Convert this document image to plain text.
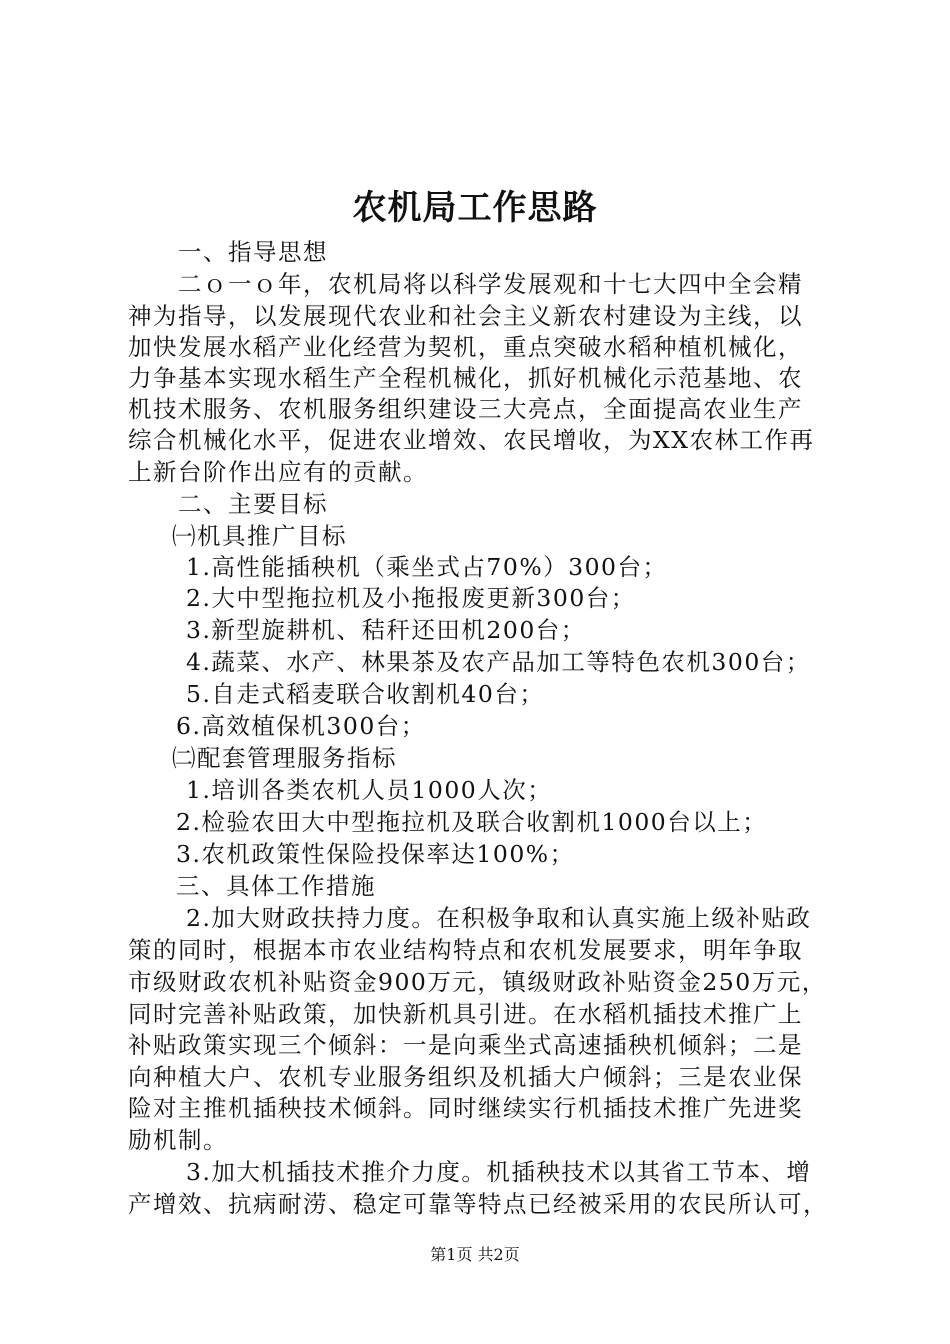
农机局工作思路
一、指导思想
二ｏ一ｏ年，农机局将以科学发展观和十七大四中全会精
神为指导，以发展现代农业和社会主义新农村建设为主线，以
加快发展水稻产业化经营为契机，重点突破水稻种植机械化，
力争基本实现水稻生产全程机械化，抓好机械化示范基地、农
机技术服务、农机服务组织建设三大亮点，全面提高农业生产
综合机械化水平，促进农业增效、农民增收，为XX农林工作再
上新台阶作出应有的贡献。
二、主要目标
㈠机具推广目标
1.高性能插秧机（乘坐式占70%）300台；
2.大中型拖拉机及小拖报废更新300台；
3.新型旋耕机、秸秆还田机200台；
4.蔬菜、水产、林果茶及农产品加工等特色农机300台；
5.自走式稻麦联合收割机40台；
6.高效植保机300台；
㈡配套管理服务指标
1.培训各类农机人员1000人次；
2.检验农田大中型拖拉机及联合收割机1000台以上；
3.农机政策性保险投保率达100%；
三、具体工作措施
2.加大财政扶持力度。在积极争取和认真实施上级补贴政
策的同时，根据本市农业结构特点和农机发展要求，明年争取
市级财政农机补贴资金900万元，镇级财政补贴资金250万元，
同时完善补贴政策，加快新机具引进。在水稻机插技术推广上
补贴政策实现三个倾斜：一是向乘坐式高速插秧机倾斜；二是
向种植大户、农机专业服务组织及机插大户倾斜；三是农业保
险对主推机插秧技术倾斜。同时继续实行机插技术推广先进奖
励机制。
3.加大机插技术推介力度。机插秧技术以其省工节本、增
产增效、抗病耐涝、稳定可靠等特点已经被采用的农民所认可，
第1页 共2页
